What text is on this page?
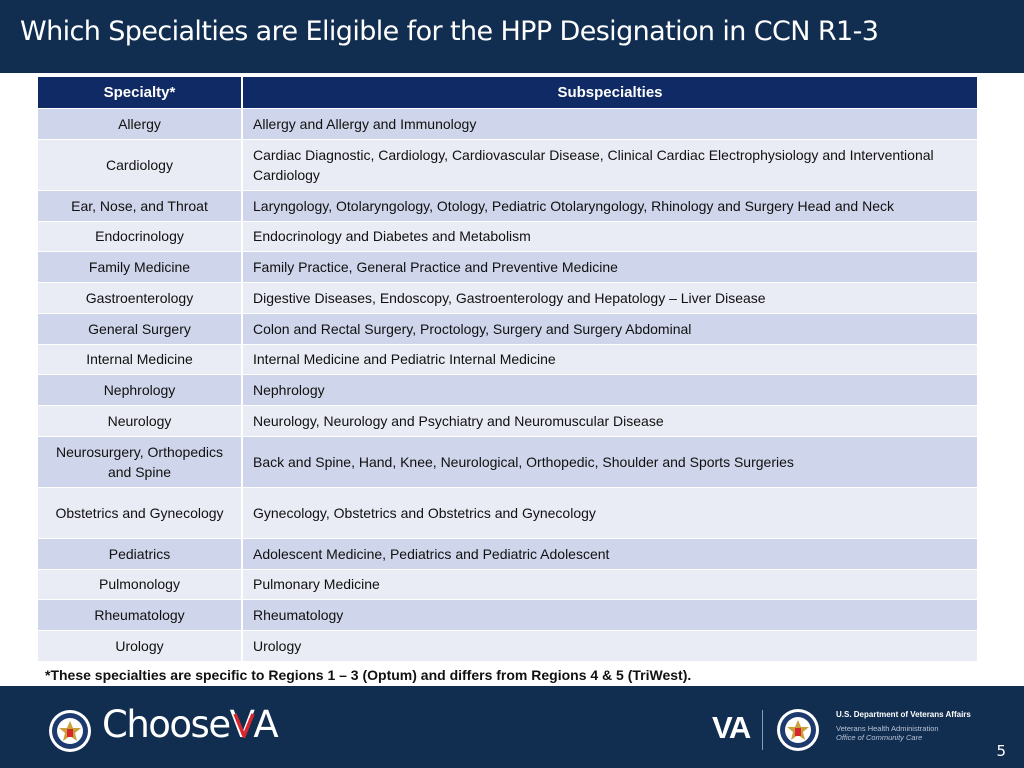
Which Specialties are Eligible for the HPP Designation in CCN R1-3
Specialty*	Subspecialties
Allergy	Allergy and Allergy and Immunology
Cardiology	Cardiac Diagnostic, Cardiology, Cardiovascular Disease, Clinical Cardiac Electrophysiology and Interventional Cardiology
Ear, Nose, and Throat	Laryngology, Otolaryngology, Otology, Pediatric Otolaryngology, Rhinology and Surgery Head and Neck
Endocrinology	Endocrinology and Diabetes and Metabolism
Family Medicine	Family Practice, General Practice and Preventive Medicine
Gastroenterology	Digestive Diseases, Endoscopy, Gastroenterology and Hepatology – Liver Disease
General Surgery	Colon and Rectal Surgery, Proctology, Surgery and Surgery Abdominal
Internal Medicine	Internal Medicine and Pediatric Internal Medicine
Nephrology	Nephrology
Neurology	Neurology, Neurology and Psychiatry and Neuromuscular Disease
Neurosurgery, Orthopedics and Spine	Back and Spine, Hand, Knee, Neurological, Orthopedic, Shoulder and Sports Surgeries
Obstetrics and Gynecology	Gynecology, Obstetrics and Obstetrics and Gynecology
Pediatrics	Adolescent Medicine, Pediatrics and Pediatric Adolescent
Pulmonology	Pulmonary Medicine
Rheumatology	Rheumatology
Urology	Urology
*These specialties are specific to Regions 1 – 3 (Optum) and differs from Regions 4 & 5 (TriWest).
ChooseV
A	VA	U.S. Department of Veterans Affairs
Veterans Health Administration
Office of Community Care
5
